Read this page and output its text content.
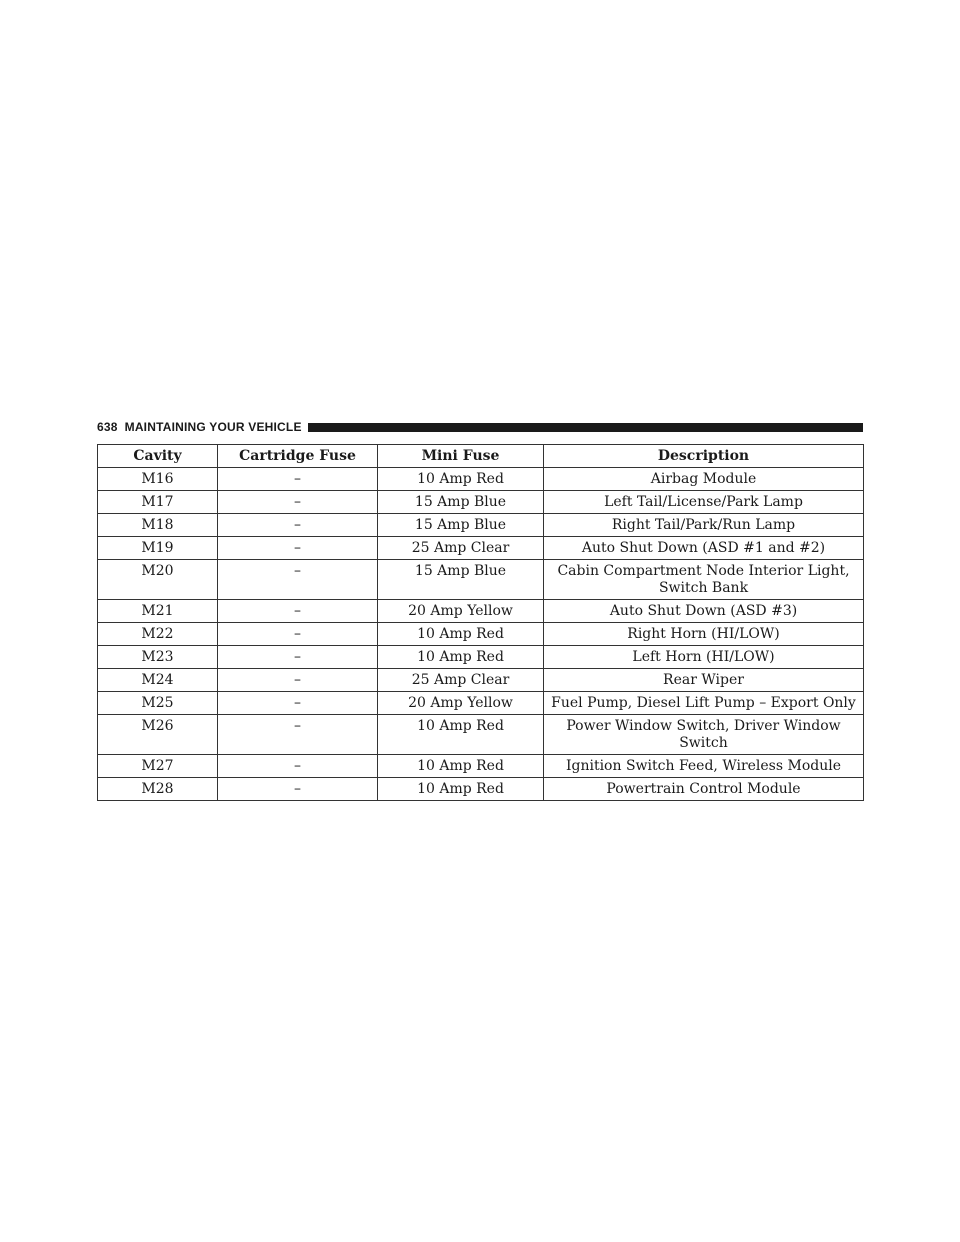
638 MAINTAINING YOUR VEHICLE
Cavity	Cartridge Fuse	Mini Fuse	Description
M16	–	10 Amp Red	Airbag Module
M17	–	15 Amp Blue	Left Tail/License/Park Lamp
M18	–	15 Amp Blue	Right Tail/Park/Run Lamp
M19	–	25 Amp Clear	Auto Shut Down (ASD #1 and #2)
M20	–	15 Amp Blue	Cabin Compartment Node Interior Light, Switch Bank
M21	–	20 Amp Yellow	Auto Shut Down (ASD #3)
M22	–	10 Amp Red	Right Horn (HI/LOW)
M23	–	10 Amp Red	Left Horn (HI/LOW)
M24	–	25 Amp Clear	Rear Wiper
M25	–	20 Amp Yellow	Fuel Pump, Diesel Lift Pump – Export Only
M26	–	10 Amp Red	Power Window Switch, Driver Window Switch
M27	–	10 Amp Red	Ignition Switch Feed, Wireless Module
M28	–	10 Amp Red	Powertrain Control Module
